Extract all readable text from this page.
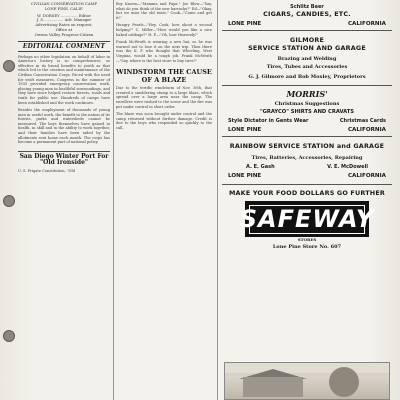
CIVILIAN CONSERVATION CAMP
LONE PINE, CALIF.
W. DORSEY .............. Editor
J. S. ............... Adv. Manager
Advertising Rates on request.
Office at
Owens Valley Progress-Citizen
EDITORIAL COMMENT

Perhaps no other legislation on behalf of labor in America's history is so comprehensive, so effective in its broad benefits to youth as that which led to the creation and maintenance of the Civilian Conservation Corps. Faced with the need for swift measures, Congress in the summer of 1933 provided emergency conservation work, placing young men in healthful surroundings, and they have since helped restore forests, roads and trails for public use. Hundreds of camps have been established and the work continues.

Besides the employment of thousands of young men in useful work, the benefit to the nation of its forests, parks and watersheds cannot be measured. The boys themselves have gained in health, in skill and in the ability to work together, and their families have been aided by the allotments sent home each month. The corps has become a permanent part of national policy.

San Diego Winter Port For "Old Ironside"

U. S. Frigate Constitution, "Old

Boy Known—"Mamma and Papa." Joe Blow—"Say, what do you think of the new barracks?" Ed—"Okay, but we miss the old tents." Cook—"Come and get it!"

Hungry Pearls—"Hey, Cook, how about a second helping?" C. Miller—"How would you like a nice baked cabbage?" H. P.—"Oh, how Heavenly!"

Frank McWrath is wearing a new hat, so he was warned not to lose it on the next trip. Then there was the K. P. who thought that Wheeling, West Virginia, would be a tough job. Frank McWrath—"Say, where is the best store to buy tires?"

WINDSTORM THE CAUSE OF A BLAZE

Due to the terrific windstorm of Nov. 30th, that created a smoldering stump to a large blaze, which spread over a large area near the camp. The enrollees were rushed to the scene and the fire was put under control in short order.

The blaze was soon brought under control and the camp returned without further damage. Credit is due to the boys who responded so quickly to the call.

Schlitz Beer
CIGARS, CANDIES, ETC.
LONE PINE	CALIFORNIA
GILMORE
SERVICE STATION AND GARAGE
Brazing and Welding
Tires, Tubes and Accessories
G. J. Gilmore and Bob Moxley, Proprietors
MORRIS'
Christmas Suggestions
"GRAYCO" SHIRTS AND CRAVATS
Style Dictator in Gents Wear	Christmas Cards
LONE PINE	CALIFORNIA
RAINBOW SERVICE STATION and GARAGE
Tires, Batteries, Accessories, Repairing
A. E. Gash	V. E. McDowell
LONE PINE	CALIFORNIA
MAKE YOUR FOOD DOLLARS GO FURTHER
SAFEWAY
STORES
Lone Pine Store No. 607
